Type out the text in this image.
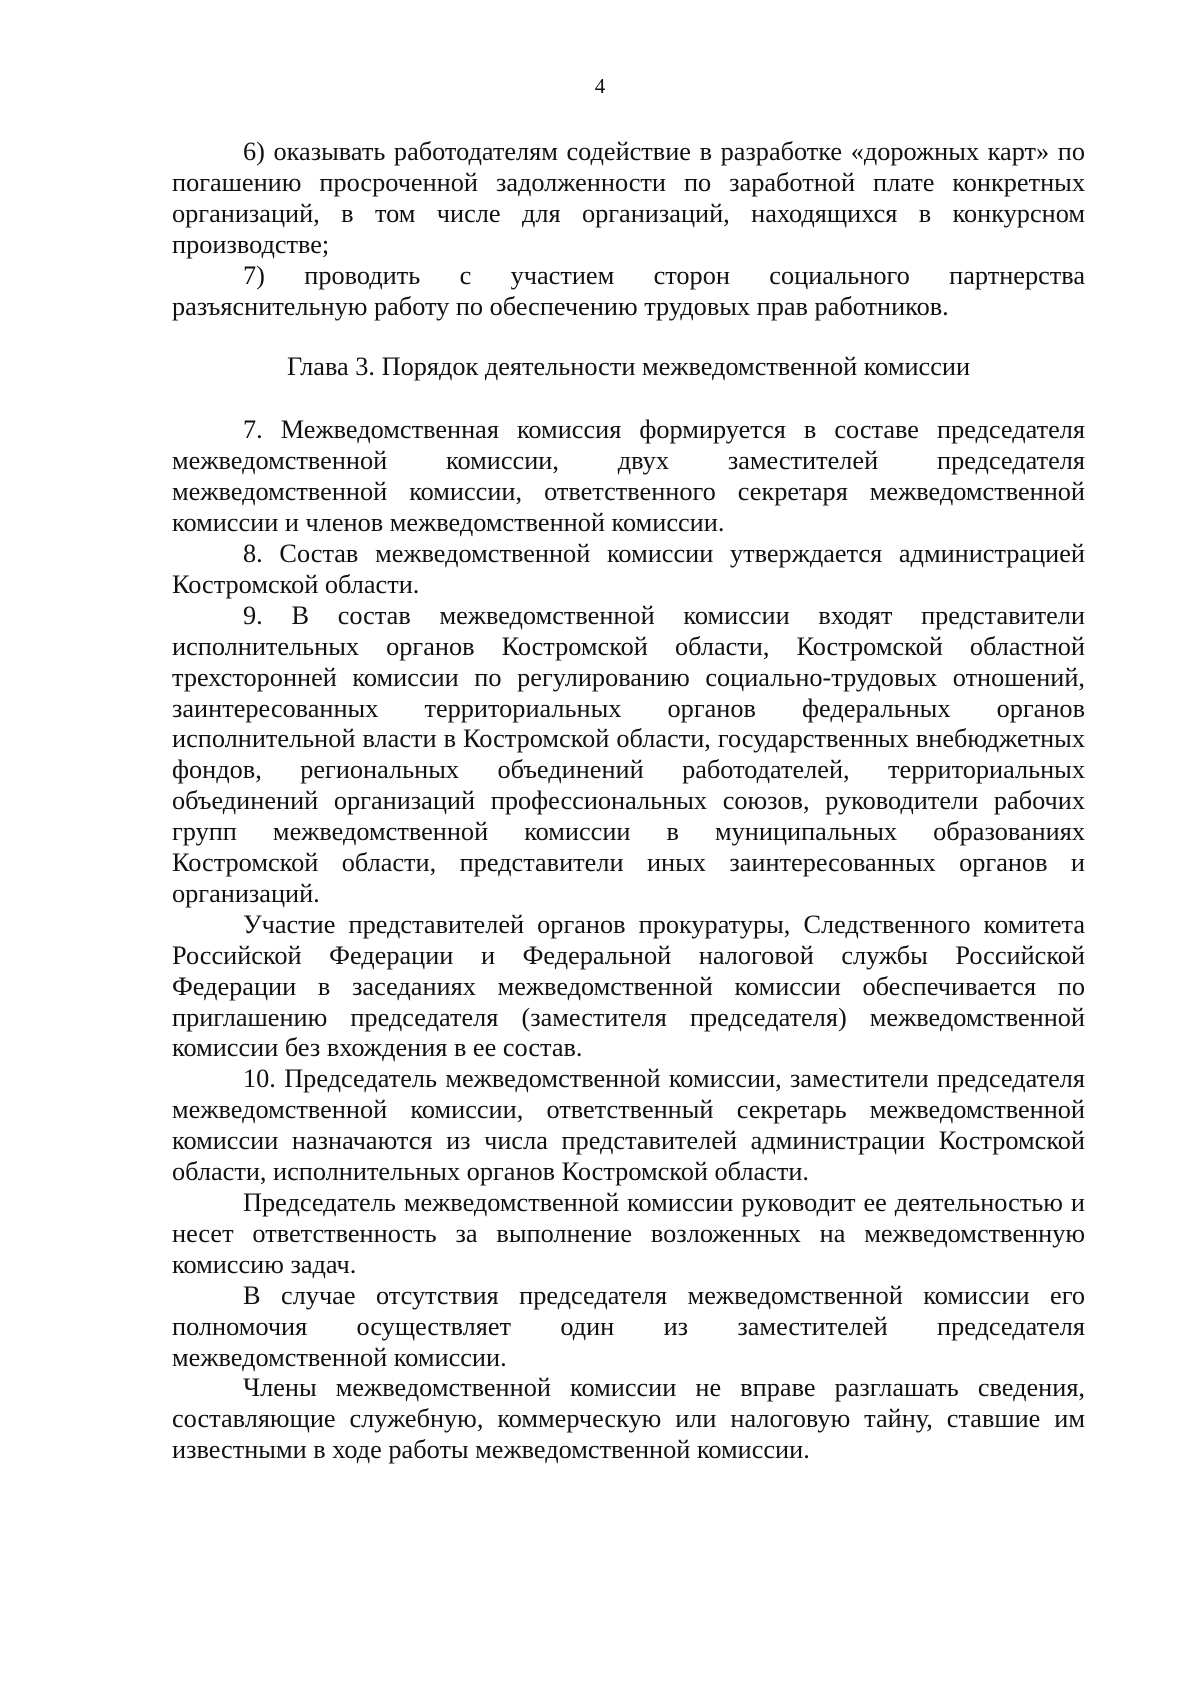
4

6) оказывать работодателям содействие в разработке «дорожных карт» по погашению просроченной задолженности по заработной плате конкретных организаций, в том числе для организаций, находящихся в конкурсном производстве;

7) проводить с участием сторон социального партнерства разъяснительную работу по обеспечению трудовых прав работников.

Глава 3. Порядок деятельности межведомственной комиссии

7. Межведомственная комиссия формируется в составе председателя межведомственной комиссии, двух заместителей председателя межведомственной комиссии, ответственного секретаря межведомственной комиссии и членов межведомственной комиссии.

8. Состав межведомственной комиссии утверждается администрацией Костромской области.

9. В состав межведомственной комиссии входят представители исполнительных органов Костромской области, Костромской областной трехсторонней комиссии по регулированию социально-трудовых отношений, заинтересованных территориальных органов федеральных органов исполнительной власти в Костромской области, государственных внебюджетных фондов, региональных объединений работодателей, территориальных объединений организаций профессиональных союзов, руководители рабочих групп межведомственной комиссии в муниципальных образованиях Костромской области, представители иных заинтересованных органов и организаций.

Участие представителей органов прокуратуры, Следственного комитета Российской Федерации и Федеральной налоговой службы Российской Федерации в заседаниях межведомственной комиссии обеспечивается по приглашению председателя (заместителя председателя) межведомственной комиссии без вхождения в ее состав.

10. Председатель межведомственной комиссии, заместители председателя межведомственной комиссии, ответственный секретарь межведомственной комиссии назначаются из числа представителей администрации Костромской области, исполнительных органов Костромской области.

Председатель межведомственной комиссии руководит ее деятельностью и несет ответственность за выполнение возложенных на межведомственную комиссию задач.

В случае отсутствия председателя межведомственной комиссии его полномочия осуществляет один из заместителей председателя межведомственной комиссии.

Члены межведомственной комиссии не вправе разглашать сведения, составляющие служебную, коммерческую или налоговую тайну, ставшие им известными в ходе работы межведомственной комиссии.
